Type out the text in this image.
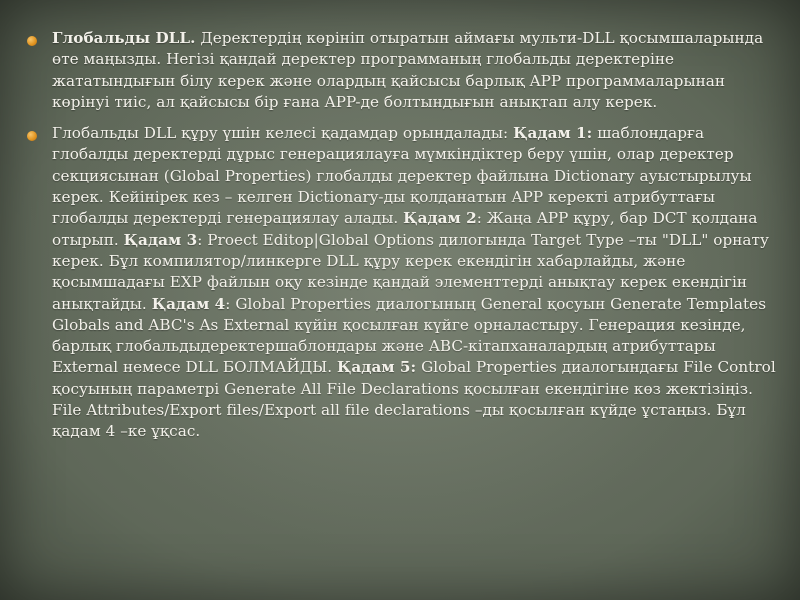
Глобальды DLL. Деректердің көрініп отыратын аймағы мульти-DLL қосымшаларында өте маңызды. Негізі қандай деректер программаның глобальды деректеріне жататындығын білу керек және олардың қайсысы барлық APP программаларынан көрінуі тиіс, ал қайсысы бір ғана APP-де болтындығын анықтап алу керек.

Глобальды DLL құру үшін келесі қадамдар орындалады: Қадам 1: шаблондарға глобалды деректерді дұрыс генерациялауға мүмкіндіктер беру үшін, олар деректер секциясынан (Global Properties) глобалды деректер файлына Dictionary ауыстырылуы керек. Кейінірек кез – келген Dictionary-ды қолданатын APP керекті атрибуттағы глобалды деректерді генерациялау алады. Қадам 2: Жаңа APP құру, бар DCT қолдана отырып. Қадам 3: Proect Editop|Global Options дилогында Target Type –ты "DLL" орнату керек. Бұл компилятор/линкерге DLL құру керек екендігін хабарлайды, және қосымшадағы EXP файлын оқу кезінде қандай элементтерді анықтау керек екендігін анықтайды. Қадам 4: Global Properties диалогының General қосуын Generate Templates Globals and ABC's As External күйін қосылған күйге орналастыру. Генерация кезінде, барлық глобальдыдеректершаблондары және ABC-кітапханалардың атрибуттары External немесе DLL БОЛМАЙДЫ. Қадам 5: Global Properties диалогындағы File Control қосуының параметрі Generate All File Declarations қосылған екендігіне көз жектізіңіз. File Attributes/Export files/Export all file declarations –ды қосылған күйде ұстаңыз. Бұл қадам 4 –ке ұқсас.
